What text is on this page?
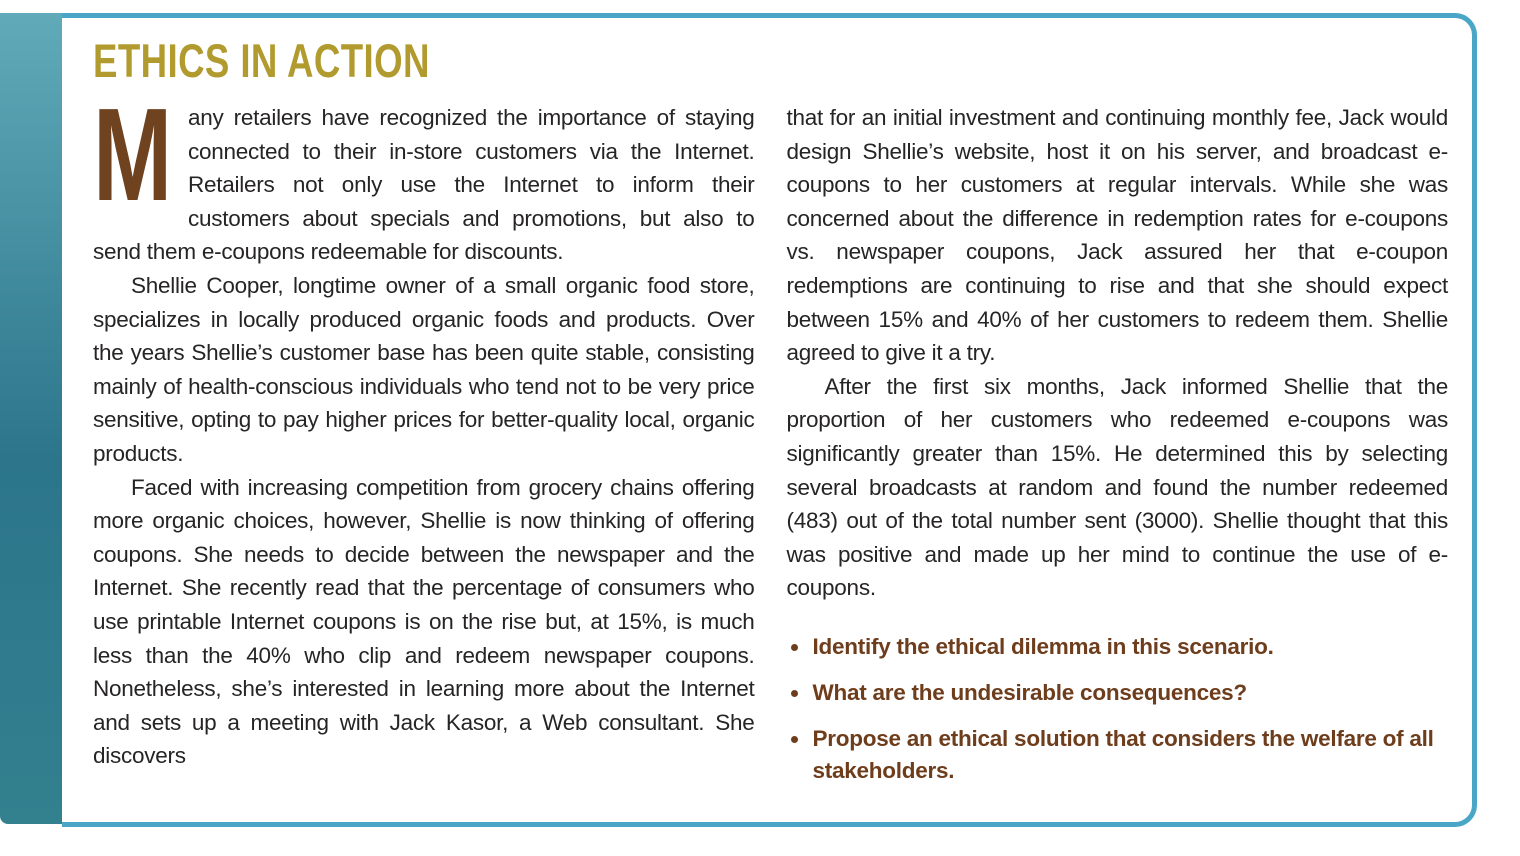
ETHICS IN ACTION

Many retailers have recognized the importance of staying connected to their in-store customers via the Internet. Retailers not only use the Internet to inform their customers about specials and promotions, but also to send them e-coupons redeemable for discounts.

Shellie Cooper, longtime owner of a small organic food store, specializes in locally produced organic foods and products. Over the years Shellie’s customer base has been quite stable, consisting mainly of health-conscious individuals who tend not to be very price sensitive, opting to pay higher prices for better-quality local, organic products.

Faced with increasing competition from grocery chains offering more organic choices, however, Shellie is now thinking of offering coupons. She needs to decide between the newspaper and the Internet. She recently read that the percentage of consumers who use printable Internet coupons is on the rise but, at 15%, is much less than the 40% who clip and redeem newspaper coupons. Nonetheless, she’s interested in learning more about the Internet and sets up a meeting with Jack Kasor, a Web consultant. She discovers

that for an initial investment and continuing monthly fee, Jack would design Shellie’s website, host it on his server, and broadcast e-coupons to her customers at regular intervals. While she was concerned about the difference in redemption rates for e-coupons vs. newspaper coupons, Jack assured her that e-coupon redemptions are continuing to rise and that she should expect between 15% and 40% of her customers to redeem them. Shellie agreed to give it a try.

After the first six months, Jack informed Shellie that the proportion of her customers who redeemed e-coupons was significantly greater than 15%. He determined this by selecting several broadcasts at random and found the number redeemed (483) out of the total number sent (3000). Shellie thought that this was positive and made up her mind to continue the use of e-coupons.

• Identify the ethical dilemma in this scenario.
• What are the undesirable consequences?
• Propose an ethical solution that considers the welfare of all stakeholders.
